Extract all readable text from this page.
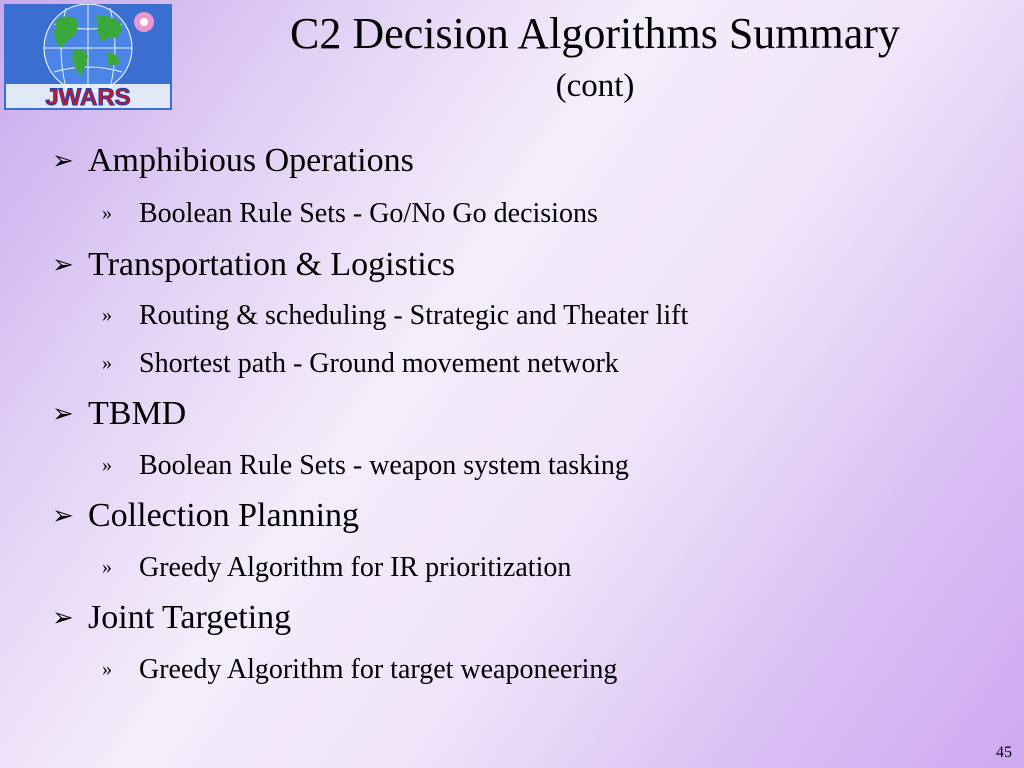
JWARS
C2 Decision Algorithms Summary
(cont)
➢ Amphibious Operations
» Boolean Rule Sets - Go/No Go decisions
➢ Transportation & Logistics
» Routing & scheduling - Strategic and Theater lift
» Shortest path - Ground movement network
➢ TBMD
» Boolean Rule Sets - weapon system tasking
➢ Collection Planning
» Greedy Algorithm for IR prioritization
➢ Joint Targeting
» Greedy Algorithm for target weaponeering
45
